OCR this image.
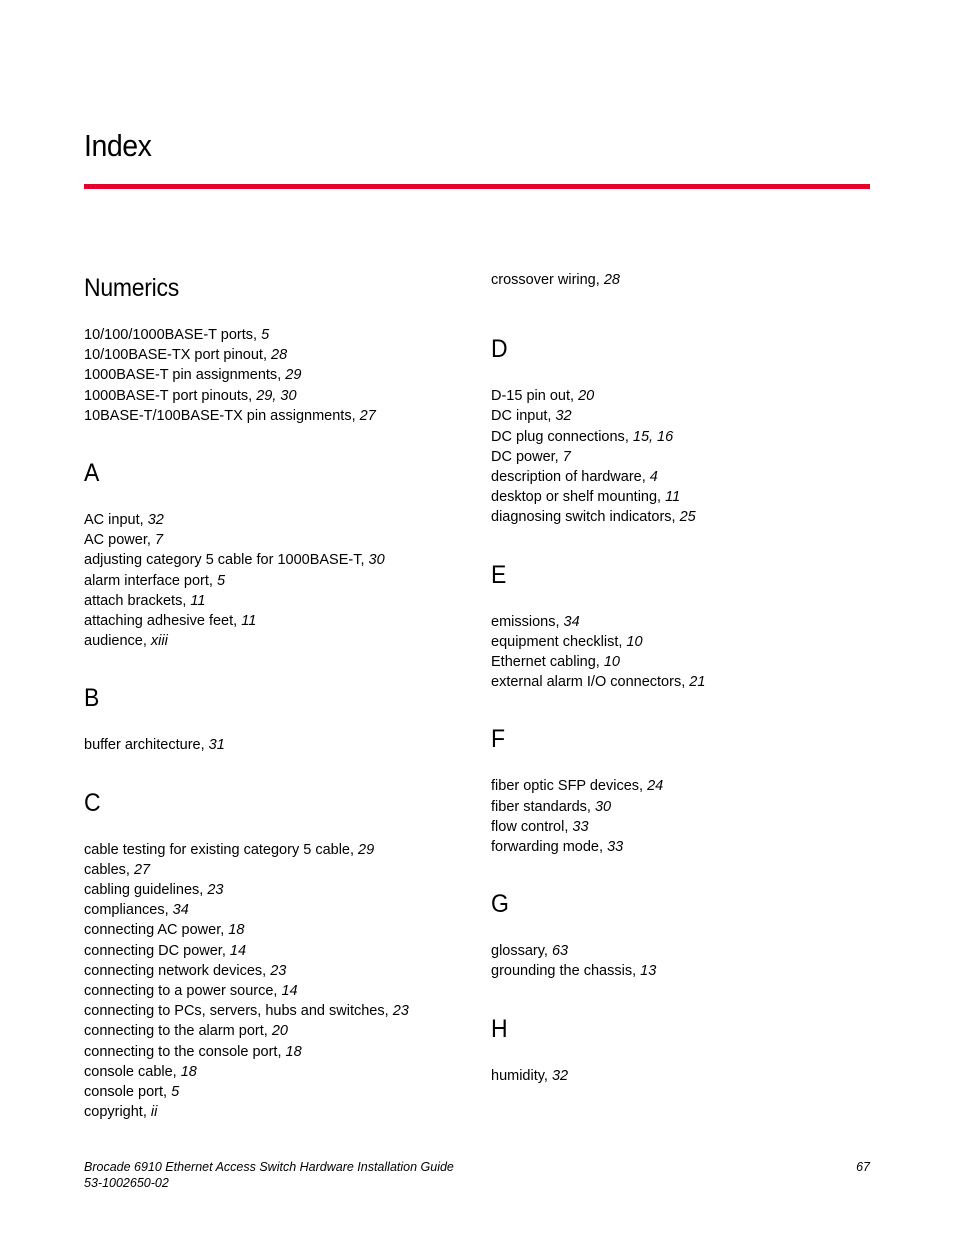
Index
Numerics
10/100/1000BASE-T ports, 5
10/100BASE-TX port pinout, 28
1000BASE-T pin assignments, 29
1000BASE-T port pinouts, 29, 30
10BASE-T/100BASE-TX pin assignments, 27
A
AC input, 32
AC power, 7
adjusting category 5 cable for 1000BASE-T, 30
alarm interface port, 5
attach brackets, 11
attaching adhesive feet, 11
audience, xiii
B
buffer architecture, 31
C
cable testing for existing category 5 cable, 29
cables, 27
cabling guidelines, 23
compliances, 34
connecting AC power, 18
connecting DC power, 14
connecting network devices, 23
connecting to a power source, 14
connecting to PCs, servers, hubs and switches, 23
connecting to the alarm port, 20
connecting to the console port, 18
console cable, 18
console port, 5
copyright, ii
crossover wiring, 28
D
D-15 pin out, 20
DC input, 32
DC plug connections, 15, 16
DC power, 7
description of hardware, 4
desktop or shelf mounting, 11
diagnosing switch indicators, 25
E
emissions, 34
equipment checklist, 10
Ethernet cabling, 10
external alarm I/O connectors, 21
F
fiber optic SFP devices, 24
fiber standards, 30
flow control, 33
forwarding mode, 33
G
glossary, 63
grounding the chassis, 13
H
humidity, 32
Brocade 6910 Ethernet Access Switch Hardware Installation Guide
53-1002650-02
67
